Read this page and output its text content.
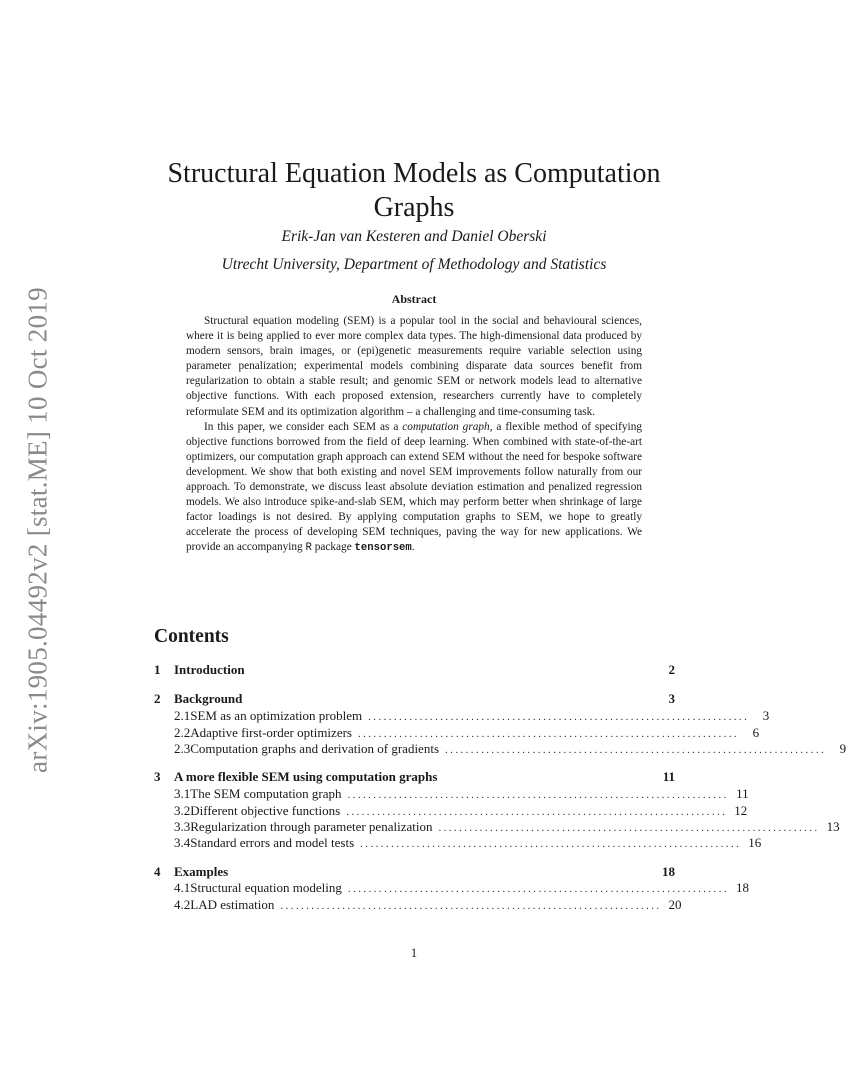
arXiv:1905.04492v2 [stat.ME] 10 Oct 2019
Structural Equation Models as Computation
Graphs
Erik-Jan van Kesteren and Daniel Oberski
Utrecht University, Department of Methodology and Statistics
Abstract

Structural equation modeling (SEM) is a popular tool in the social and behavioural sciences, where it is being applied to ever more complex data types. The high-dimensional data produced by modern sensors, brain images, or (epi)genetic measurements require variable selection using parameter penalization; experimental models combining disparate data sources benefit from regularization to obtain a stable result; and genomic SEM or network models lead to alternative objective functions. With each proposed extension, researchers currently have to completely reformulate SEM and its optimization algorithm – a challenging and time-consuming task.

In this paper, we consider each SEM as a computation graph, a flexible method of specifying objective functions borrowed from the field of deep learning. When combined with state-of-the-art optimizers, our computation graph approach can extend SEM without the need for bespoke software development. We show that both existing and novel SEM improvements follow naturally from our approach. To demonstrate, we discuss least absolute deviation estimation and penalized regression models. We also introduce spike-and-slab SEM, which may perform better when shrinkage of large factor loadings is not desired. By applying computation graphs to SEM, we hope to greatly accelerate the process of developing SEM techniques, paving the way for new applications. We provide an accompanying R package tensorsem.

Contents
1	Introduction	2
2	Background	3
2.1 SEM as an optimization problem ..........................................................................	3
2.2 Adaptive first-order optimizers ..........................................................................	6
2.3 Computation graphs and derivation of gradients ..........................................................................	9
3	A more flexible SEM using computation graphs	11
3.1 The SEM computation graph .......................................................................... 11
3.2 Different objective functions .......................................................................... 12
3.3 Regularization through parameter penalization .......................................................................... 13
3.4 Standard errors and model tests .......................................................................... 16
4	Examples	18
4.1 Structural equation modeling .......................................................................... 18
4.2 LAD estimation .......................................................................... 20
1
